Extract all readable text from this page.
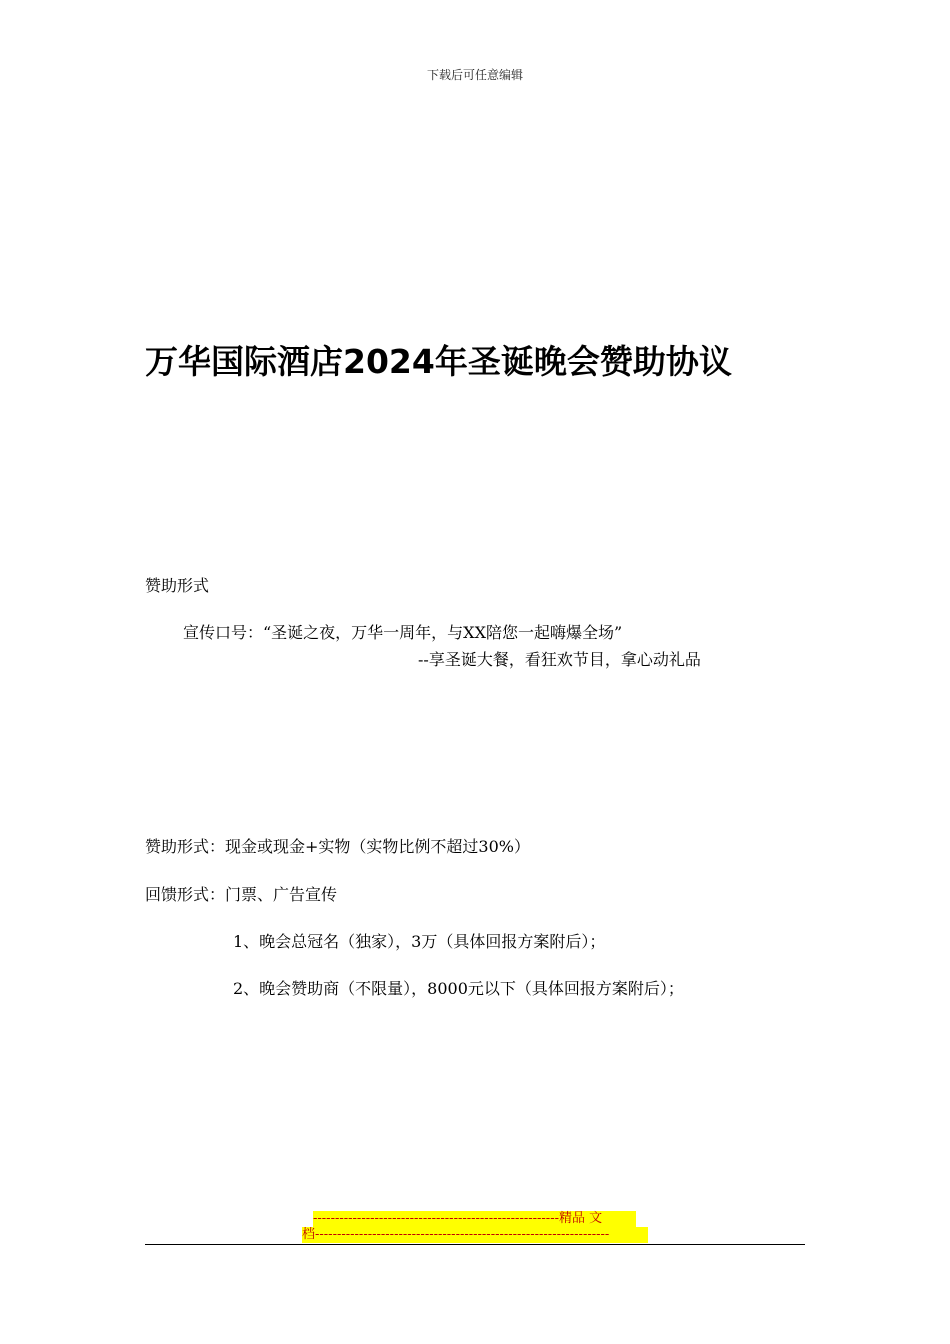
下载后可任意编辑
万华国际酒店2024年圣诞晚会赞助协议
赞助形式
宣传口号：“圣诞之夜，万华一周年，与XX陪您一起嗨爆全场”
--享圣诞大餐，看狂欢节目，拿心动礼品
赞助形式：现金或现金+实物（实物比例不超过30%）
回馈形式：门票、广告宣传
1、晚会总冠名（独家），3万（具体回报方案附后）；
2、晚会赞助商（不限量），8000元以下（具体回报方案附后）；
--------------------------------------------------------精品 文
档-------------------------------------------------------------------
